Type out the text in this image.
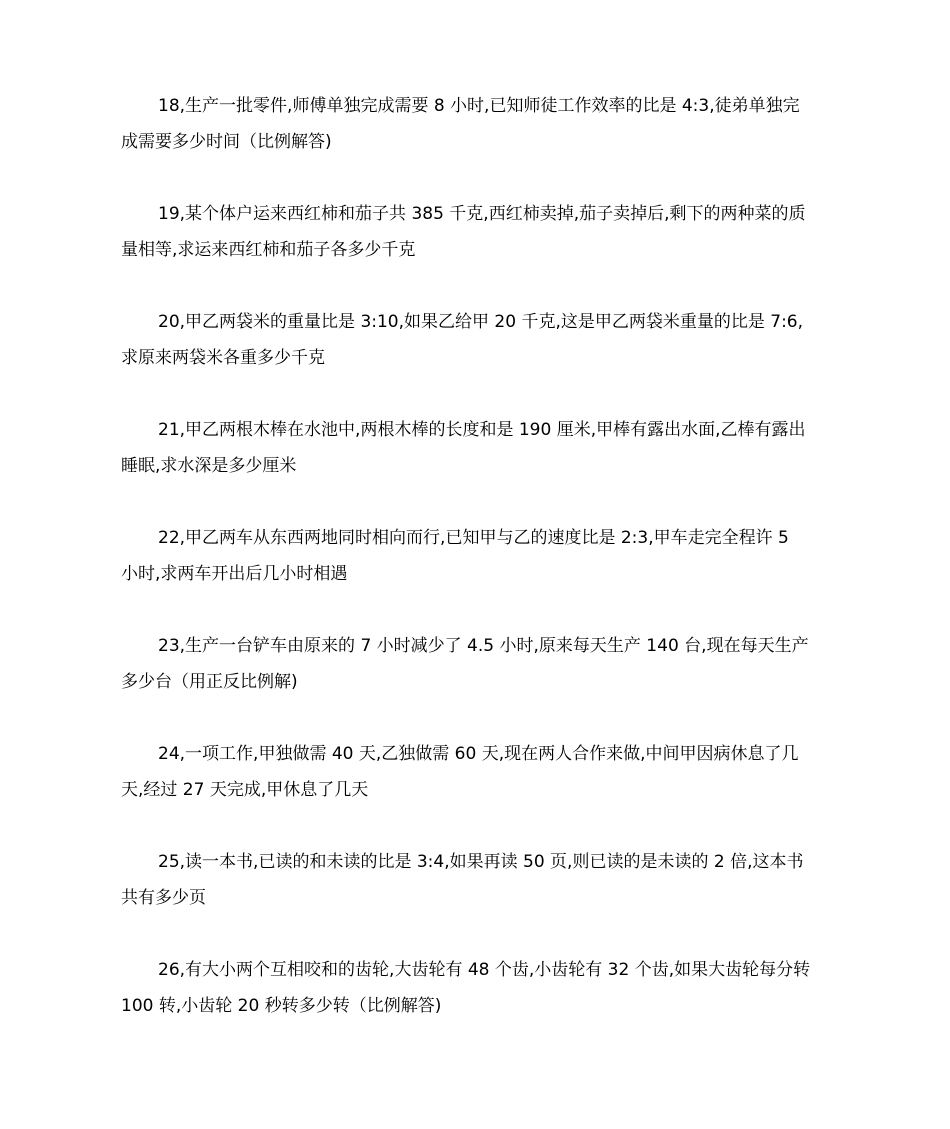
18,生产一批零件,师傅单独完成需要 8 小时,已知师徒工作效率的比是 4:3,徒弟单独完
成需要多少时间（比例解答)

19,某个体户运来西红柿和茄子共 385 千克,西红柿卖掉,茄子卖掉后,剩下的两种菜的质
量相等,求运来西红柿和茄子各多少千克

20,甲乙两袋米的重量比是 3:10,如果乙给甲 20 千克,这是甲乙两袋米重量的比是 7:6,
求原来两袋米各重多少千克

21,甲乙两根木棒在水池中,两根木棒的长度和是 190 厘米,甲棒有露出水面,乙棒有露出
睡眠,求水深是多少厘米

22,甲乙两车从东西两地同时相向而行,已知甲与乙的速度比是 2:3,甲车走完全程许 5
小时,求两车开出后几小时相遇

23,生产一台铲车由原来的 7 小时减少了 4.5 小时,原来每天生产 140 台,现在每天生产
多少台（用正反比例解)

24,一项工作,甲独做需 40 天,乙独做需 60 天,现在两人合作来做,中间甲因病休息了几
天,经过 27 天完成,甲休息了几天

25,读一本书,已读的和未读的比是 3:4,如果再读 50 页,则已读的是未读的 2 倍,这本书
共有多少页

26,有大小两个互相咬和的齿轮,大齿轮有 48 个齿,小齿轮有 32 个齿,如果大齿轮每分转
100 转,小齿轮 20 秒转多少转（比例解答)
